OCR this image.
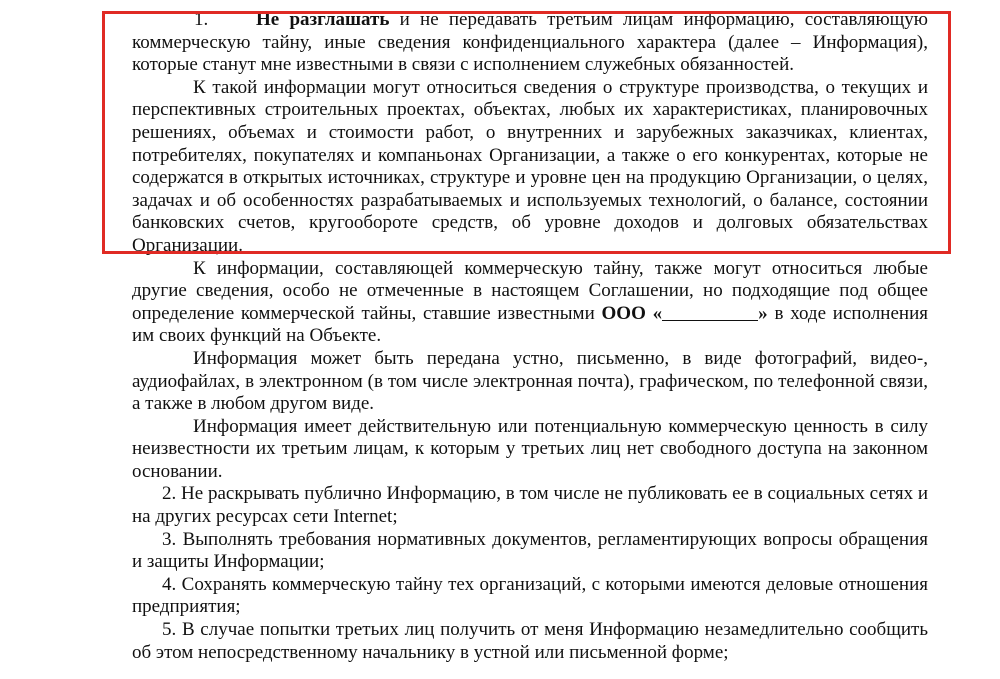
1.	Не разглашать и не передавать третьим лицам информацию, составляющую коммерческую тайну, иные сведения конфиденциального характера (далее – Информация), которые станут мне известными в связи с исполнением служебных обязанностей.

К такой информации могут относиться сведения о структуре производства, о текущих и перспективных строительных проектах, объектах, любых их характеристиках, планировочных решениях, объемах и стоимости работ, о внутренних и зарубежных заказчиках, клиентах, потребителях, покупателях и компаньонах Организации, а также о его конкурентах, которые не содержатся в открытых источниках, структуре и уровне цен на продукцию Организации, о целях, задачах и об особенностях разрабатываемых и используемых технологий, о балансе, состоянии банковских счетов, кругообороте средств, об уровне доходов и долговых обязательствах Организации.

К информации, составляющей коммерческую тайну, также могут относиться любые другие сведения, особо не отмеченные в настоящем Соглашении, но подходящие под общее определение коммерческой тайны, ставшие известными ООО «	» в ходе исполнения им своих функций на Объекте.

Информация может быть передана устно, письменно, в виде фотографий, видео-, аудиофайлах, в электронном (в том числе электронная почта), графическом, по телефонной связи, а также в любом другом виде.

Информация имеет действительную или потенциальную коммерческую ценность в силу неизвестности их третьим лицам, к которым у третьих лиц нет свободного доступа на законном основании.

2. Не раскрывать публично Информацию, в том числе не публиковать ее в социальных сетях и на других ресурсах сети Internet;

3. Выполнять требования нормативных документов, регламентирующих вопросы обращения и защиты Информации;

4. Сохранять коммерческую тайну тех организаций, с которыми имеются деловые отношения предприятия;

5. В случае попытки третьих лиц получить от меня Информацию незамедлительно сообщить об этом непосредственному начальнику в устной или письменной форме;
